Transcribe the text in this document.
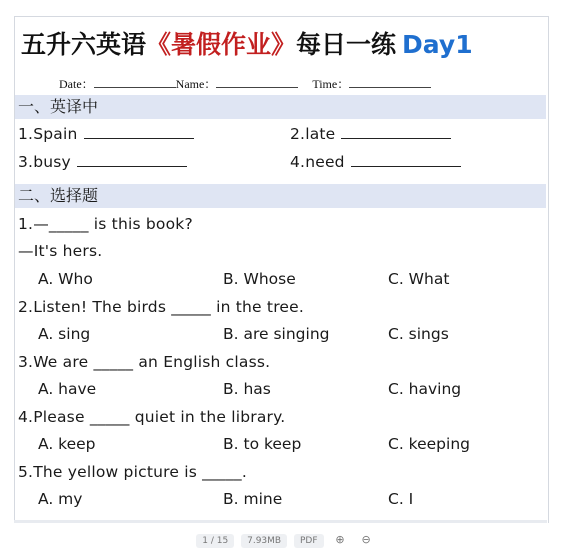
五升六英语《暑假作业》每日一练 Day1
Date：	Name：	Time：
一、英译中
1.Spain	2.late
3.busy	4.need
二、选择题
1.—_____ is this book?
—It's hers.
A. Who	B. Whose	C. What
2.Listen! The birds _____ in the tree.
A. sing	B. are singing	C. sings
3.We are _____ an English class.
A. have	B. has	C. having
4.Please _____ quiet in the library.
A. keep	B. to keep	C. keeping
5.The yellow picture is _____.
A. my	B. mine	C. I
1 / 15 7.93MB PDF ⊕ ⊖
